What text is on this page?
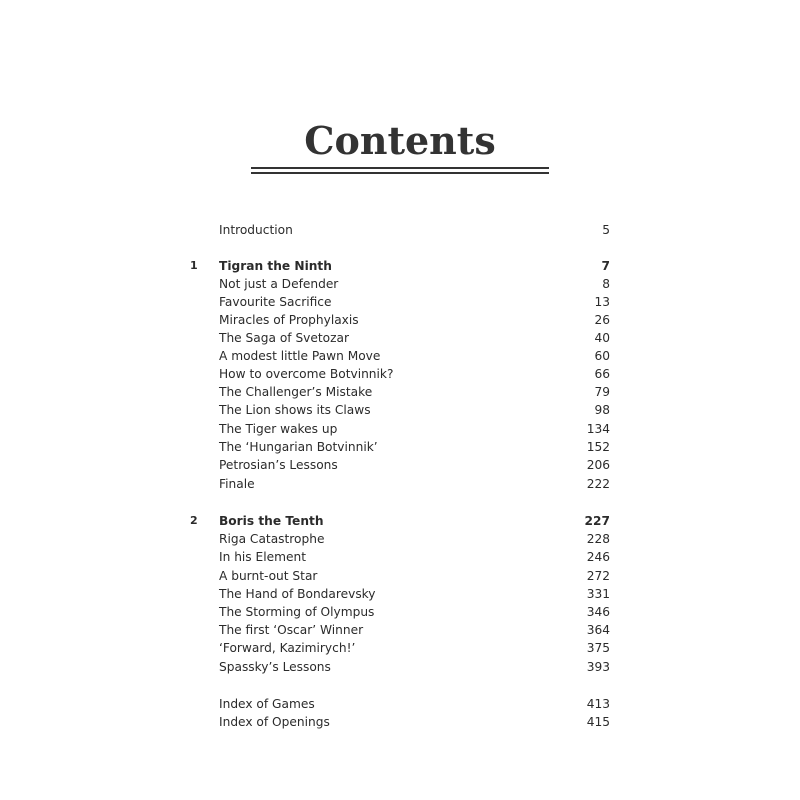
Contents
Introduction	5
1 Tigran the Ninth	7
Not just a Defender	8
Favourite Sacrifice	13
Miracles of Prophylaxis	26
The Saga of Svetozar	40
A modest little Pawn Move	60
How to overcome Botvinnik?	66
The Challenger’s Mistake	79
The Lion shows its Claws	98
The Tiger wakes up	134
The ‘Hungarian Botvinnik’	152
Petrosian’s Lessons	206
Finale	222
2 Boris the Tenth	227
Riga Catastrophe	228
In his Element	246
A burnt-out Star	272
The Hand of Bondarevsky	331
The Storming of Olympus	346
The first ‘Oscar’ Winner	364
‘Forward, Kazimirych!’	375
Spassky’s Lessons	393
Index of Games	413
Index of Openings	415
